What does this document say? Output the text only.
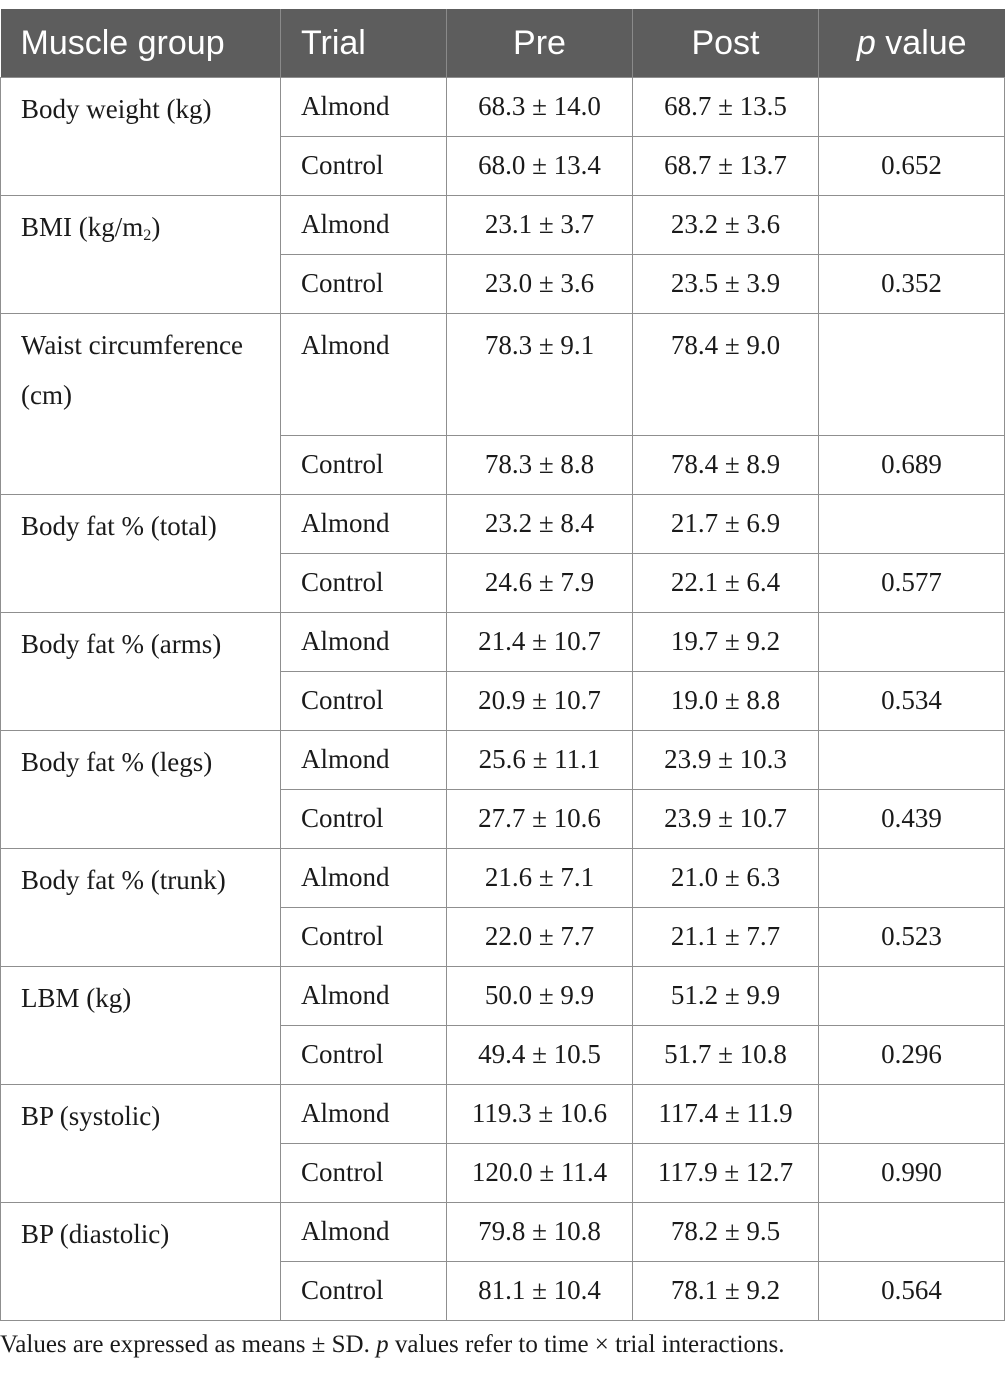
Muscle group	Trial	Pre	Post	p value
Body weight (kg)	Almond	68.3 ± 14.0	68.7 ± 13.5	
	Control	68.0 ± 13.4	68.7 ± 13.7	0.652
BMI $(kg/m_2)$	Almond	23.1 ± 3.7	23.2 ± 3.6	
	Control	23.0 ± 3.6	23.5 ± 3.9	0.352
Waist circumference (cm)	Almond	78.3 ± 9.1	78.4 ± 9.0	
	Control	78.3 ± 8.8	78.4 ± 8.9	0.689
Body fat % (total)	Almond	23.2 ± 8.4	21.7 ± 6.9	
	Control	24.6 ± 7.9	22.1 ± 6.4	0.577
Body fat % (arms)	Almond	21.4 ± 10.7	19.7 ± 9.2	
	Control	20.9 ± 10.7	19.0 ± 8.8	0.534
Body fat % (legs)	Almond	25.6 ± 11.1	23.9 ± 10.3	
	Control	27.7 ± 10.6	23.9 ± 10.7	0.439
Body fat % (trunk)	Almond	21.6 ± 7.1	21.0 ± 6.3	
	Control	22.0 ± 7.7	21.1 ± 7.7	0.523
LBM (kg)	Almond	50.0 ± 9.9	51.2 ± 9.9	
	Control	49.4 ± 10.5	51.7 ± 10.8	0.296
BP (systolic)	Almond	119.3 ± 10.6	117.4 ± 11.9	
	Control	120.0 ± 11.4	117.9 ± 12.7	0.990
BP (diastolic)	Almond	79.8 ± 10.8	78.2 ± 9.5	
	Control	81.1 ± 10.4	78.1 ± 9.2	0.564
Values are expressed as means ± SD. p values refer to time × trial interactions.
